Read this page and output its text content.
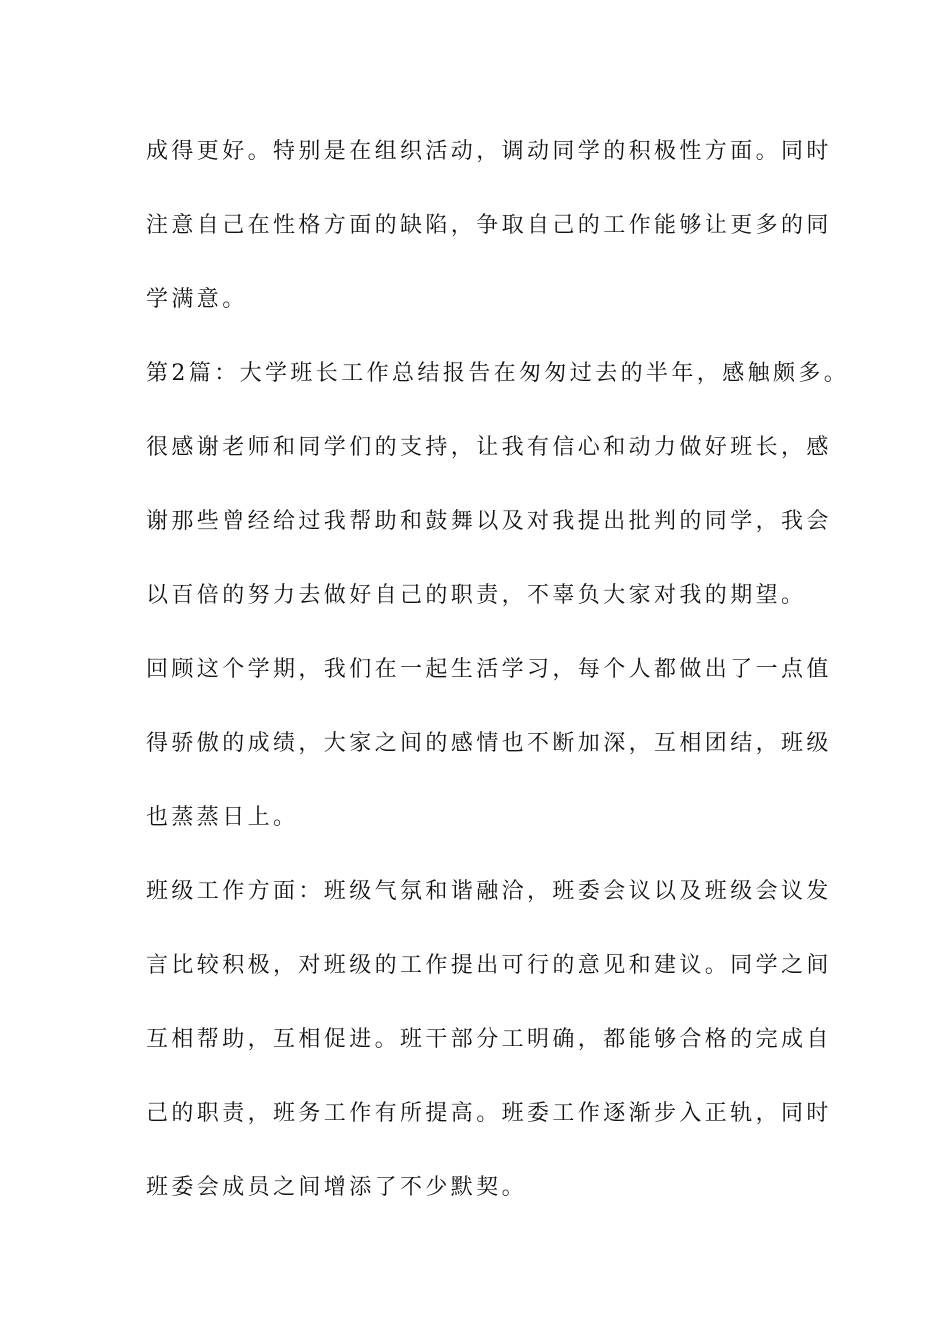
成得更好。特别是在组织活动，调动同学的积极性方面。同时

注意自己在性格方面的缺陷，争取自己的工作能够让更多的同

学满意。

第2篇：大学班长工作总结报告在匆匆过去的半年，感触颇多。

很感谢老师和同学们的支持，让我有信心和动力做好班长，感

谢那些曾经给过我帮助和鼓舞以及对我提出批判的同学，我会

以百倍的努力去做好自己的职责，不辜负大家对我的期望。

回顾这个学期，我们在一起生活学习，每个人都做出了一点值

得骄傲的成绩，大家之间的感情也不断加深，互相团结，班级

也蒸蒸日上。

班级工作方面：班级气氛和谐融洽，班委会议以及班级会议发

言比较积极，对班级的工作提出可行的意见和建议。同学之间

互相帮助，互相促进。班干部分工明确，都能够合格的完成自

己的职责，班务工作有所提高。班委工作逐渐步入正轨，同时

班委会成员之间增添了不少默契。
